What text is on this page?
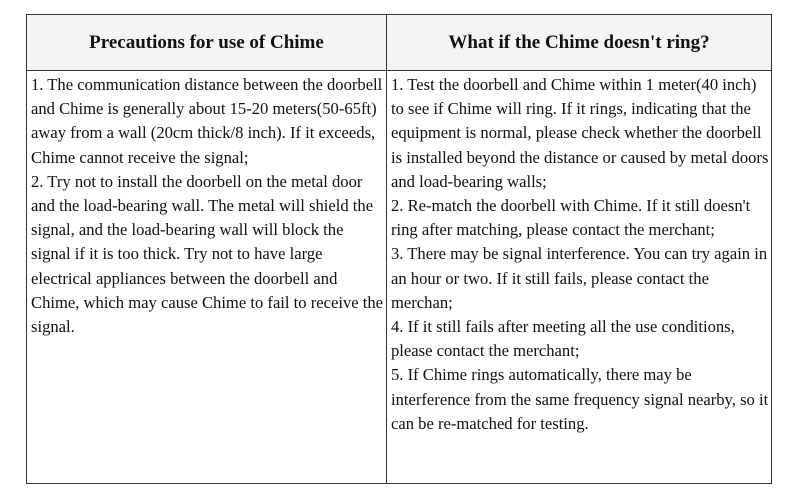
Precautions for use of Chime	What if the Chime doesn't ring?

1. The communication distance between the doorbell and Chime is generally about 15-20 meters(50-65ft) away from a wall (20cm thick/8 inch). If it exceeds, Chime cannot receive the signal;

2. Try not to install the doorbell on the metal door and the load-bearing wall. The metal will shield the signal, and the load-bearing wall will block the signal if it is too thick. Try not to have large electrical appliances between the doorbell and Chime, which may cause Chime to fail to receive the signal.

1. Test the doorbell and Chime within 1 meter(40 inch) to see if Chime will ring. If it rings, indicating that the equipment is normal, please check whether the doorbell is installed beyond the distance or caused by metal doors and load-bearing walls;

2. Re-match the doorbell with Chime. If it still doesn't ring after matching, please contact the merchant;

3. There may be signal interference. You can try again in an hour or two. If it still fails, please contact the merchan;

4. If it still fails after meeting all the use conditions, please contact the merchant;

5. If Chime rings automatically, there may be interference from the same frequency signal nearby, so it can be re-matched for testing.
